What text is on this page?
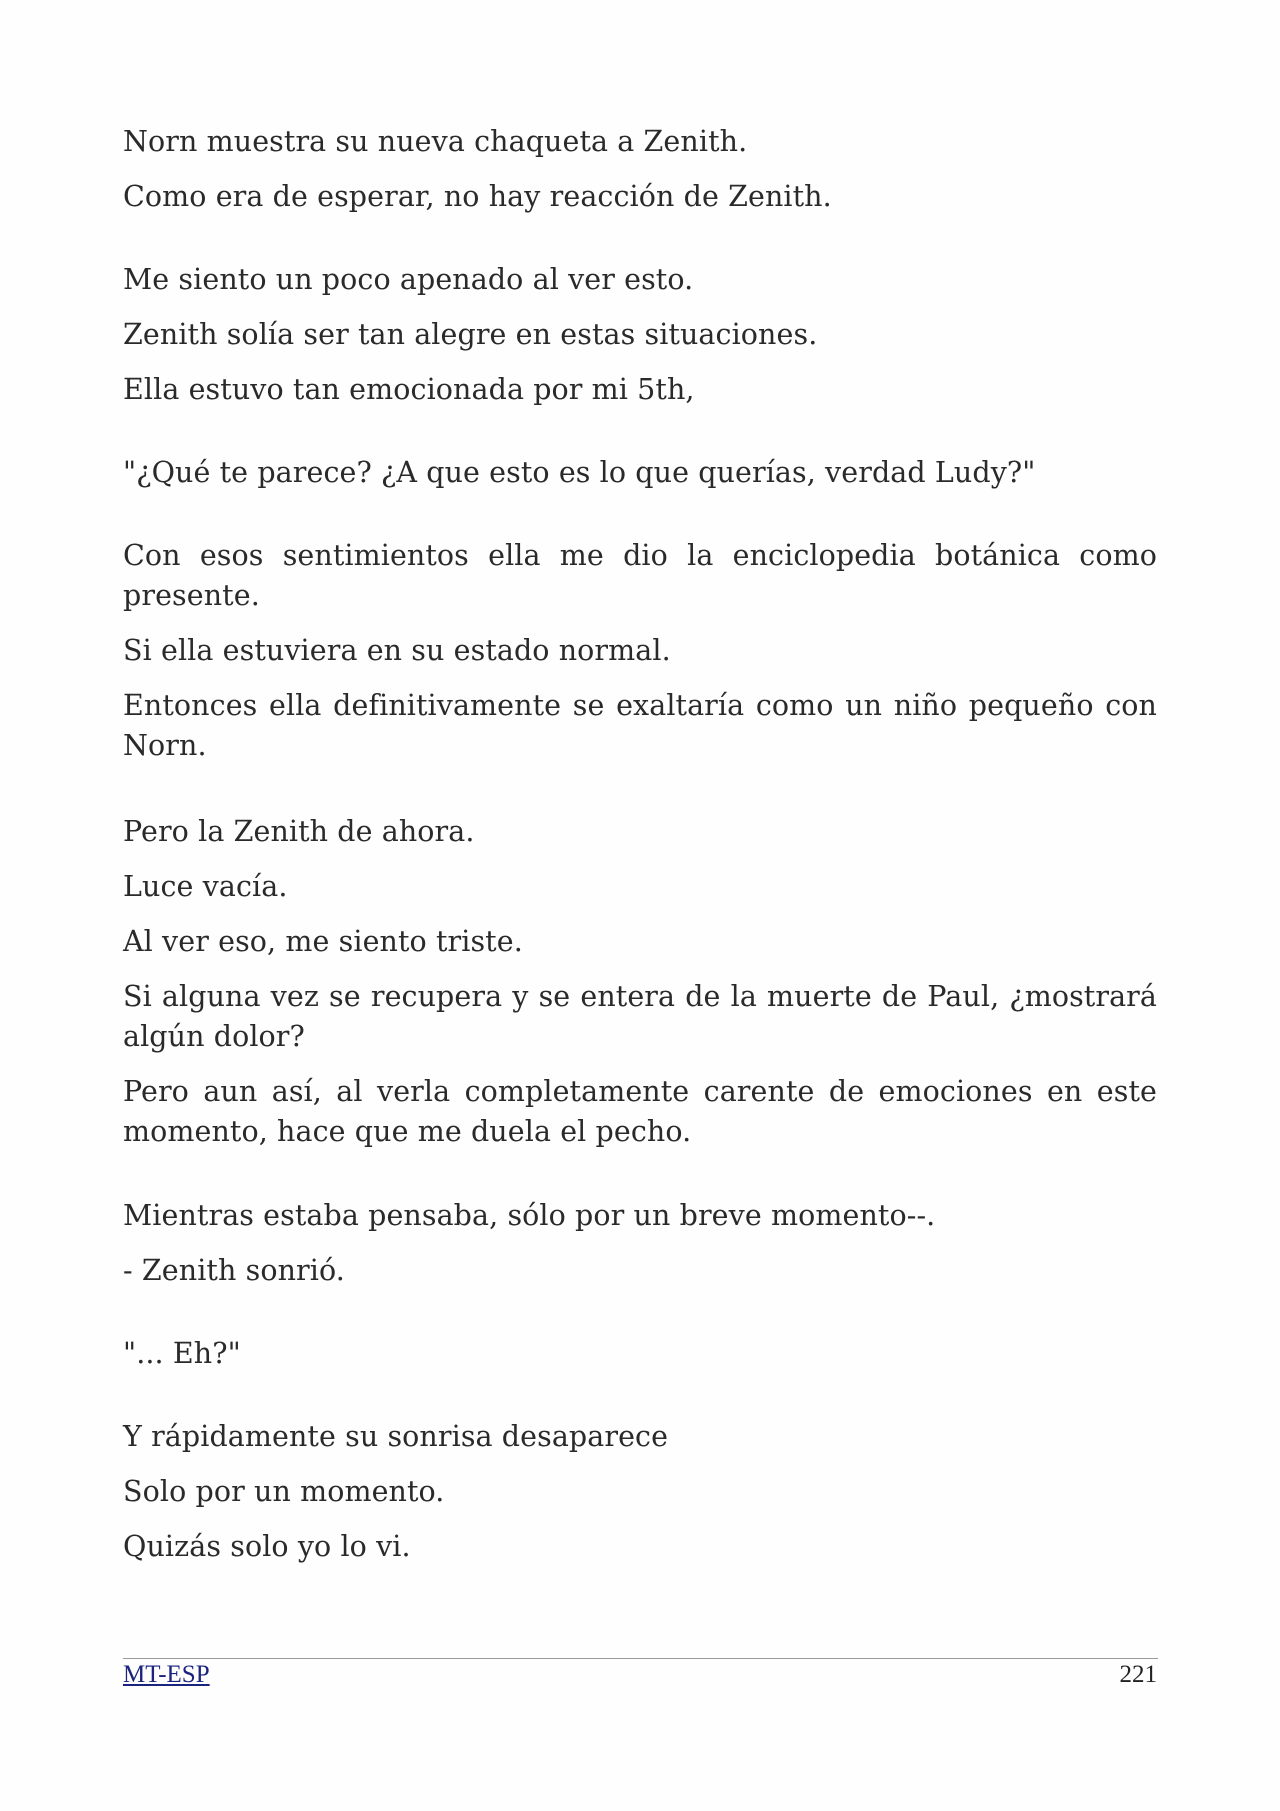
Norn muestra su nueva chaqueta a Zenith.

Como era de esperar, no hay reacción de Zenith.

Me siento un poco apenado al ver esto.

Zenith solía ser tan alegre en estas situaciones.

Ella estuvo tan emocionada por mi 5th,

"¿Qué te parece? ¿A que esto es lo que querías, verdad Ludy?"

Con esos sentimientos ella me dio la enciclopedia botánica como presente.

Si ella estuviera en su estado normal.

Entonces ella definitivamente se exaltaría como un niño pequeño con Norn.

Pero la Zenith de ahora.

Luce vacía.

Al ver eso, me siento triste.

Si alguna vez se recupera y se entera de la muerte de Paul, ¿mostrará algún dolor?

Pero aun así, al verla completamente carente de emociones en este momento, hace que me duela el pecho.

Mientras estaba pensaba, sólo por un breve momento--.

- Zenith sonrió.

"... Eh?"

Y rápidamente su sonrisa desaparece

Solo por un momento.

Quizás solo yo lo vi.

MT-ESP	221
